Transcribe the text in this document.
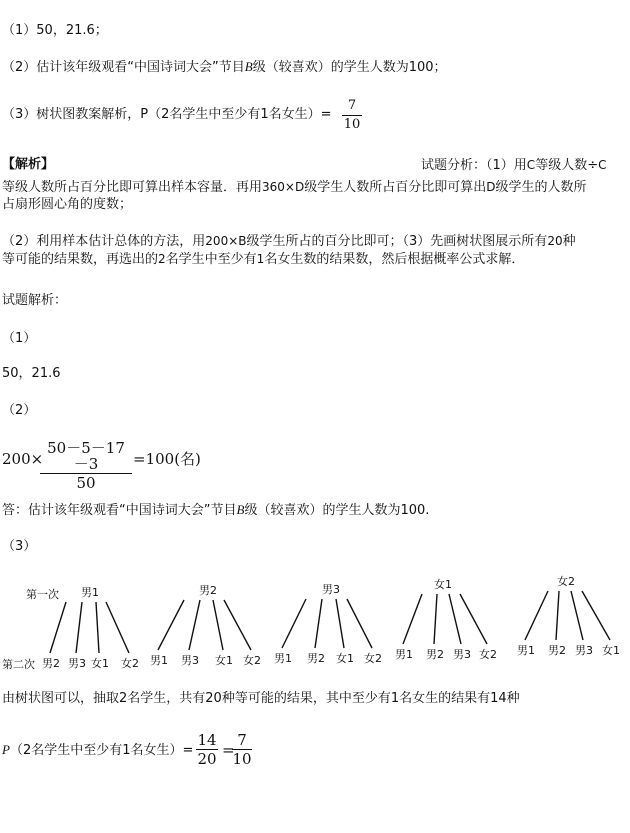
（1）50，21.6；
（2）估计该年级观看“中国诗词大会”节目B级（较喜欢）的学生人数为100；
（3）树状图教案解析，P（2名学生中至少有1名女生）=
7
10
【解析】	试题分析：（1）用C等级人数÷C
等级人数所占百分比即可算出样本容量．再用360×D级学生人数所占百分比即可算出D级学生的人数所
占扇形圆心角的度数；
（2）利用样本估计总体的方法，用200×B级学生所占的百分比即可；（3）先画树状图展示所有20种
等可能的结果数，再选出的2名学生中至少有1名女生数的结果数，然后根据概率公式求解．
试题解析：
（1）
50，21.6
（2）
200×
50－5－17－3
50
=100(名)
答：估计该年级观看“中国诗词大会”节目B级（较喜欢）的学生人数为100.
（3）
第一次
第二次
男1
男2 男3 女1 女2
男2
男1 男3 女1 女2
男3
男1 男2 女1 女2
女1
男1 男2 男3 女2
女2
男1 男2 男3 女1
由树状图可以，抽取2名学生，共有20种等可能的结果，其中至少有1名女生的结果有14种
P（2名学生中至少有1名女生）=
14
20 =
7
10
